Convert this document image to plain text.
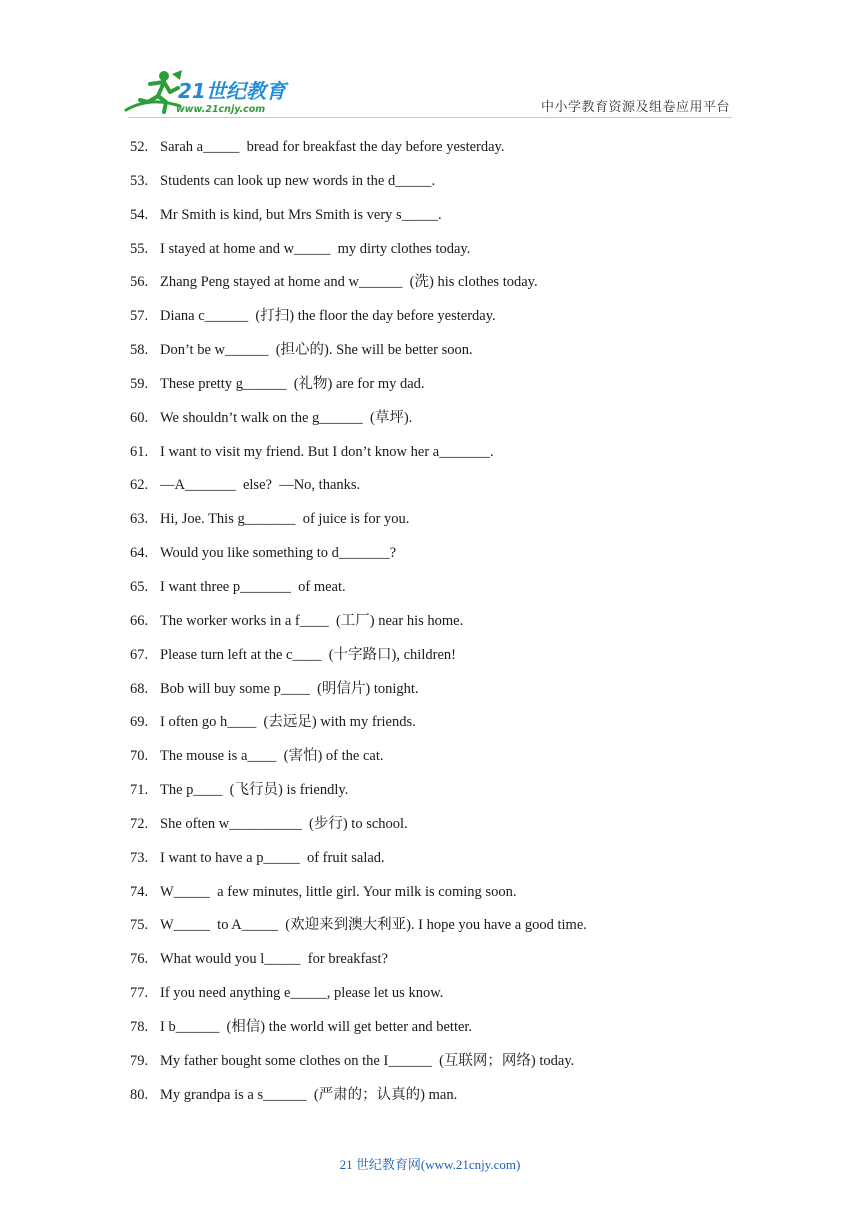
21世纪教育
www.21cnjy.com	中小学教育资源及组卷应用平台
52. Sarah a_____  bread for breakfast the day before yesterday.
53. Students can look up new words in the d_____.
54. Mr Smith is kind, but Mrs Smith is very s_____.
55. I stayed at home and w_____  my dirty clothes today.
56. Zhang Peng stayed at home and w______  (洗) his clothes today.
57. Diana c______  (打扫) the floor the day before yesterday.
58. Don’t be w______  (担心的). She will be better soon.
59. These pretty g______  (礼物) are for my dad.
60. We shouldn’t walk on the g______  (草坪).
61. I want to visit my friend. But I don’t know her a_______.
62. —A_______  else?  —No, thanks.
63. Hi, Joe. This g_______  of juice is for you.
64. Would you like something to d_______?
65. I want three p_______  of meat.
66. The worker works in a f____  (工厂) near his home.
67. Please turn left at the c____  (十字路口), children!
68. Bob will buy some p____  (明信片) tonight.
69. I often go h____  (去远足) with my friends.
70. The mouse is a____  (害怕) of the cat.
71. The p____  (飞行员) is friendly.
72. She often w__________  (步行) to school.
73. I want to have a p_____  of fruit salad.
74. W_____  a few minutes, little girl. Your milk is coming soon.
75. W_____  to A_____  (欢迎来到澳大利亚). I hope you have a good time.
76. What would you l_____  for breakfast?
77. If you need anything e_____, please let us know.
78. I b______  (相信) the world will get better and better.
79. My father bought some clothes on the I______  (互联网；网络) today.
80. My grandpa is a s______  (严肃的；认真的) man.
21 世纪教育网(www.21cnjy.com)
